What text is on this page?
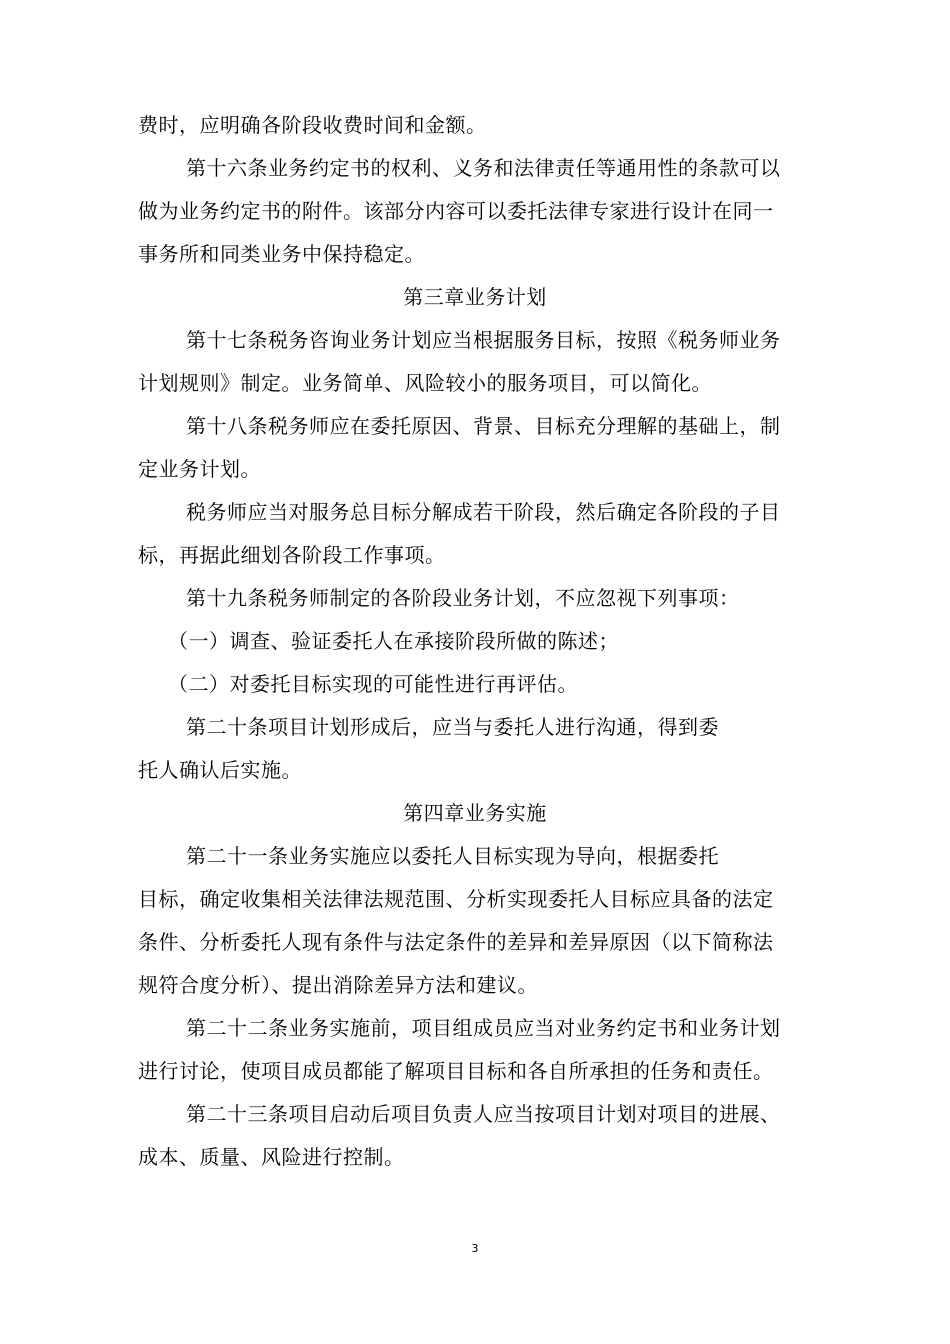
费时，应明确各阶段收费时间和金额。
第十六条业务约定书的权利、义务和法律责任等通用性的条款可以
做为业务约定书的附件。该部分内容可以委托法律专家进行设计在同一
事务所和同类业务中保持稳定。
第三章业务计划
第十七条税务咨询业务计划应当根据服务目标，按照《税务师业务
计划规则》制定。业务简单、风险较小的服务项目，可以简化。
第十八条税务师应在委托原因、背景、目标充分理解的基础上，制
定业务计划。
税务师应当对服务总目标分解成若干阶段，然后确定各阶段的子目
标，再据此细划各阶段工作事项。
第十九条税务师制定的各阶段业务计划，不应忽视下列事项：
（一）调查、验证委托人在承接阶段所做的陈述；
（二）对委托目标实现的可能性进行再评估。
第二十条项目计划形成后，应当与委托人进行沟通，得到委
托人确认后实施。
第四章业务实施
第二十一条业务实施应以委托人目标实现为导向，根据委托
目标，确定收集相关法律法规范围、分析实现委托人目标应具备的法定
条件、分析委托人现有条件与法定条件的差异和差异原因（以下简称法
规符合度分析）、提出消除差异方法和建议。
第二十二条业务实施前，项目组成员应当对业务约定书和业务计划
进行讨论，使项目成员都能了解项目目标和各自所承担的任务和责任。
第二十三条项目启动后项目负责人应当按项目计划对项目的进展、
成本、质量、风险进行控制。
3
